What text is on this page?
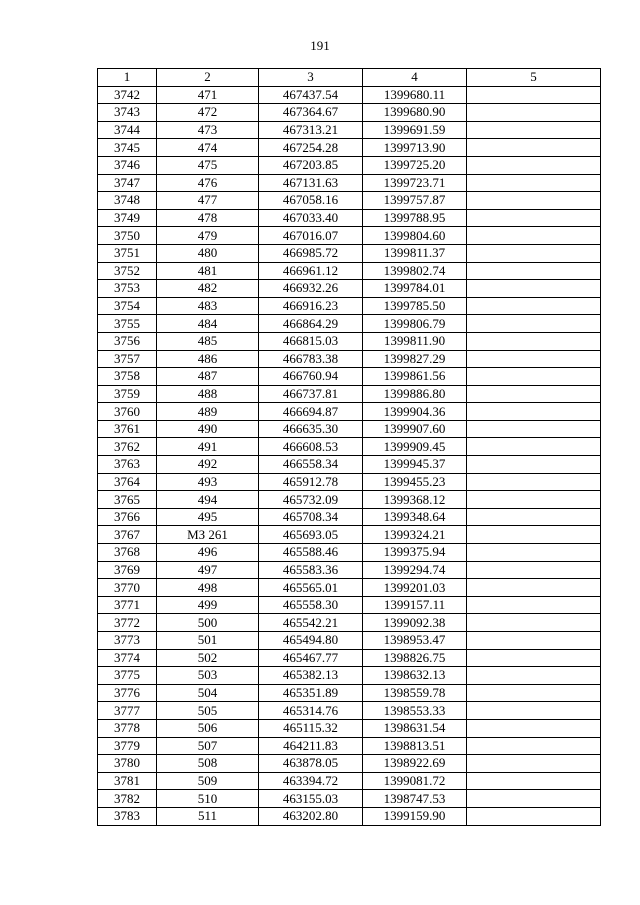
191
1	2	3	4	5
3742	471	467437.54	1399680.11	
3743	472	467364.67	1399680.90	
3744	473	467313.21	1399691.59	
3745	474	467254.28	1399713.90	
3746	475	467203.85	1399725.20	
3747	476	467131.63	1399723.71	
3748	477	467058.16	1399757.87	
3749	478	467033.40	1399788.95	
3750	479	467016.07	1399804.60	
3751	480	466985.72	1399811.37	
3752	481	466961.12	1399802.74	
3753	482	466932.26	1399784.01	
3754	483	466916.23	1399785.50	
3755	484	466864.29	1399806.79	
3756	485	466815.03	1399811.90	
3757	486	466783.38	1399827.29	
3758	487	466760.94	1399861.56	
3759	488	466737.81	1399886.80	
3760	489	466694.87	1399904.36	
3761	490	466635.30	1399907.60	
3762	491	466608.53	1399909.45	
3763	492	466558.34	1399945.37	
3764	493	465912.78	1399455.23	
3765	494	465732.09	1399368.12	
3766	495	465708.34	1399348.64	
3767	МЗ 261	465693.05	1399324.21	
3768	496	465588.46	1399375.94	
3769	497	465583.36	1399294.74	
3770	498	465565.01	1399201.03	
3771	499	465558.30	1399157.11	
3772	500	465542.21	1399092.38	
3773	501	465494.80	1398953.47	
3774	502	465467.77	1398826.75	
3775	503	465382.13	1398632.13	
3776	504	465351.89	1398559.78	
3777	505	465314.76	1398553.33	
3778	506	465115.32	1398631.54	
3779	507	464211.83	1398813.51	
3780	508	463878.05	1398922.69	
3781	509	463394.72	1399081.72	
3782	510	463155.03	1398747.53	
3783	511	463202.80	1399159.90	
